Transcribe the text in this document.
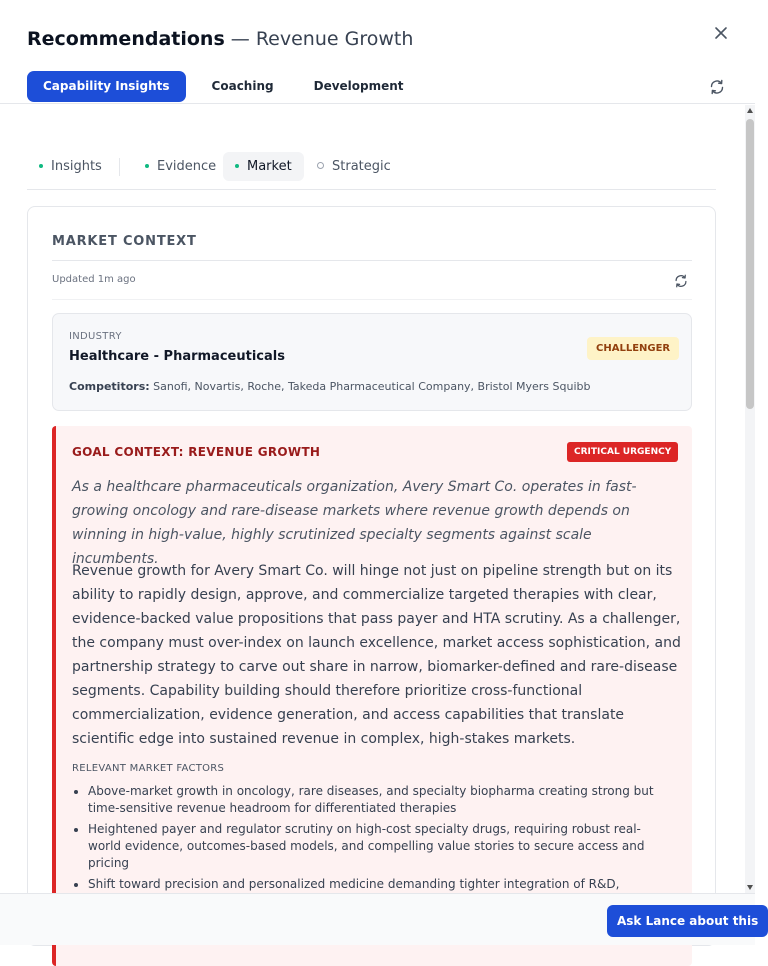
Recommendations — Revenue Growth
Capability Insights	Coaching	Development
Insights	Evidence	Market	Strategic
MARKET CONTEXT
Updated 1m ago
INDUSTRY
Healthcare - Pharmaceuticals
CHALLENGER
Competitors: Sanofi, Novartis, Roche, Takeda Pharmaceutical Company, Bristol Myers Squibb
GOAL CONTEXT: REVENUE GROWTH	CRITICAL URGENCY

As a healthcare pharmaceuticals organization, Avery Smart Co. operates in fast-growing oncology and rare-disease markets where revenue growth depends on winning in high-value, highly scrutinized specialty segments against scale incumbents.

Revenue growth for Avery Smart Co. will hinge not just on pipeline strength but on its ability to rapidly design, approve, and commercialize targeted therapies with clear, evidence-backed value propositions that pass payer and HTA scrutiny. As a challenger, the company must over-index on launch excellence, market access sophistication, and partnership strategy to carve out share in narrow, biomarker-defined and rare-disease segments. Capability building should therefore prioritize cross-functional commercialization, evidence generation, and access capabilities that translate scientific edge into sustained revenue in complex, high-stakes markets.

RELEVANT MARKET FACTORS
Above-market growth in oncology, rare diseases, and specialty biopharma creating strong but time-sensitive revenue headroom for differentiated therapies
Heightened payer and regulator scrutiny on high-cost specialty drugs, requiring robust real-world evidence, outcomes-based models, and compelling value stories to secure access and pricing
Shift toward precision and personalized medicine demanding tighter integration of R&D,
Ask Lance about this
